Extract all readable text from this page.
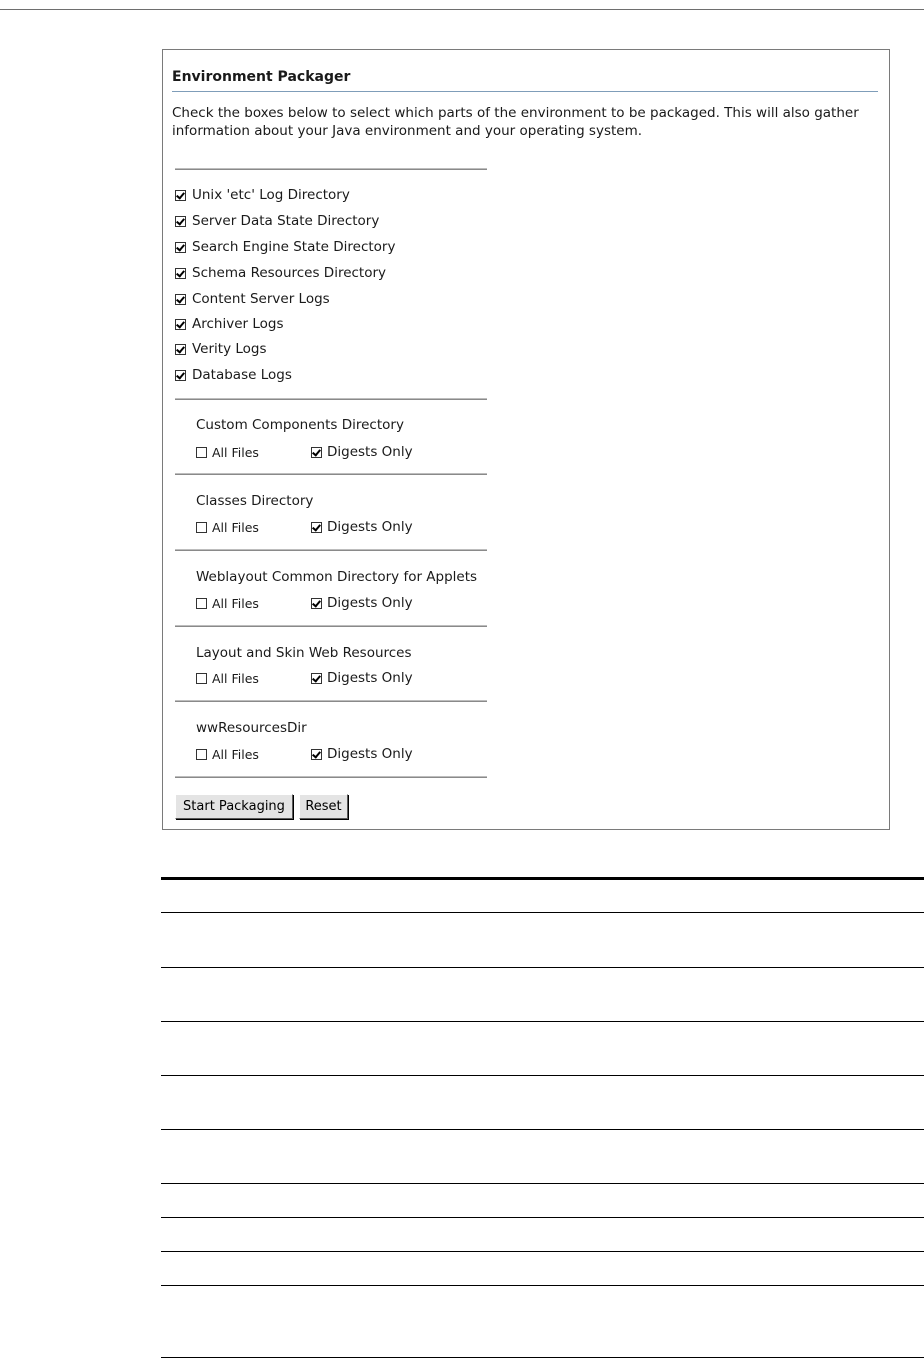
Environment Packager
Check the boxes below to select which parts of the environment to be packaged. This will also gather information about your Java environment and your operating system.
Unix 'etc' Log Directory
Server Data State Directory
Search Engine State Directory
Schema Resources Directory
Content Server Logs
Archiver Logs
Verity Logs
Database Logs
Custom Components Directory
All Files	Digests Only
Classes Directory
All Files	Digests Only
Weblayout Common Directory for Applets
All Files	Digests Only
Layout and Skin Web Resources
All Files	Digests Only
wwResourcesDir
All Files	Digests Only
Start Packaging	Reset
